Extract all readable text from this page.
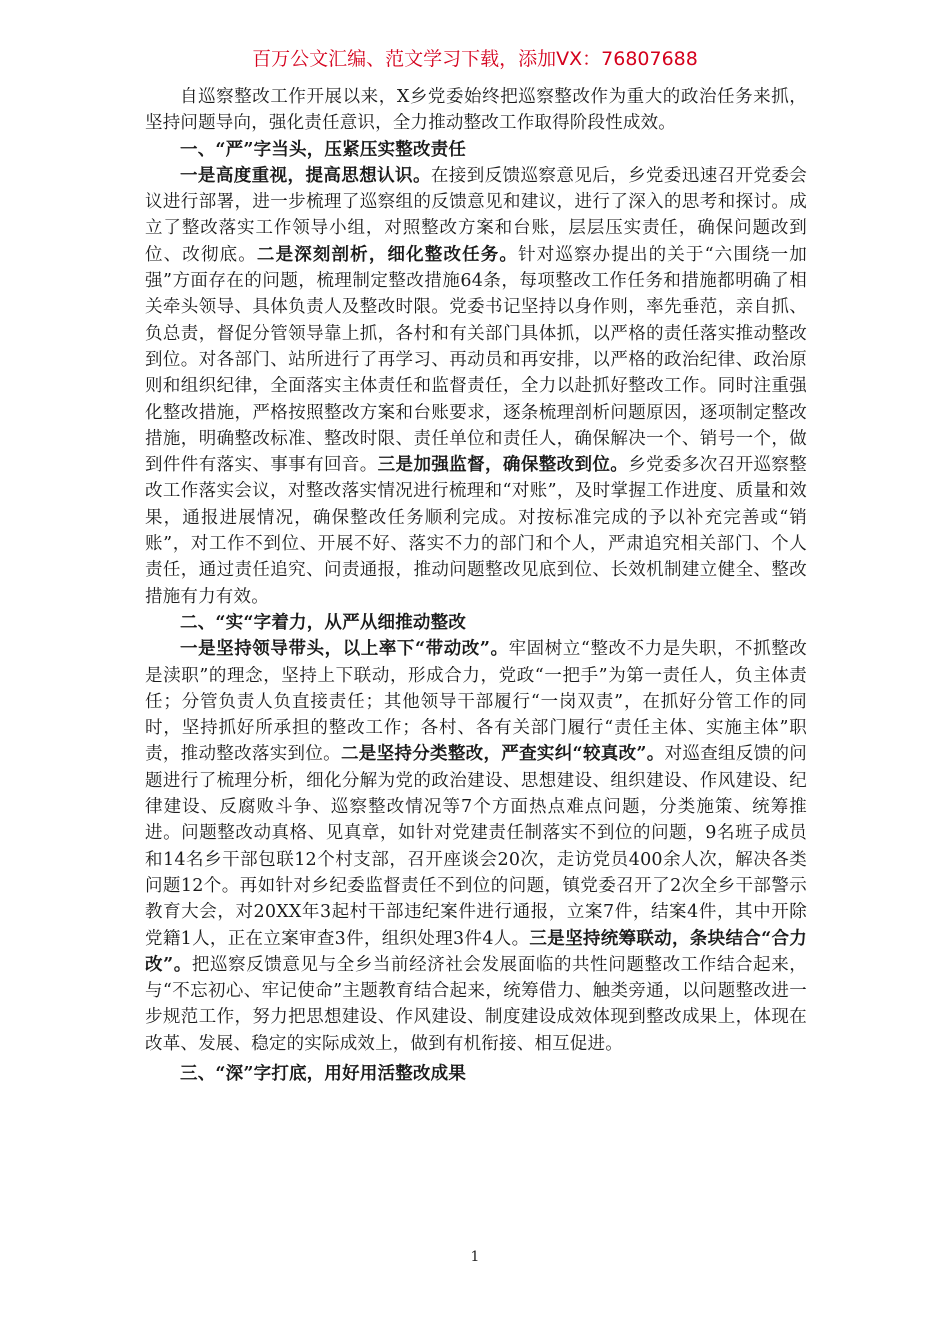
百万公文汇编、范文学习下载，添加VX：76807688

自巡察整改工作开展以来，X乡党委始终把巡察整改作为重大的政治任务来抓，坚持问题导向，强化责任意识，全力推动整改工作取得阶段性成效。

一、“严”字当头，压紧压实整改责任

一是高度重视，提高思想认识。在接到反馈巡察意见后，乡党委迅速召开党委会议进行部署，进一步梳理了巡察组的反馈意见和建议，进行了深入的思考和探讨。成立了整改落实工作领导小组，对照整改方案和台账，层层压实责任，确保问题改到位、改彻底。二是深刻剖析，细化整改任务。针对巡察办提出的关于“六围绕一加强”方面存在的问题，梳理制定整改措施64条，每项整改工作任务和措施都明确了相关牵头领导、具体负责人及整改时限。党委书记坚持以身作则，率先垂范，亲自抓、负总责，督促分管领导靠上抓，各村和有关部门具体抓，以严格的责任落实推动整改到位。对各部门、站所进行了再学习、再动员和再安排，以严格的政治纪律、政治原则和组织纪律，全面落实主体责任和监督责任，全力以赴抓好整改工作。同时注重强化整改措施，严格按照整改方案和台账要求，逐条梳理剖析问题原因，逐项制定整改措施，明确整改标准、整改时限、责任单位和责任人，确保解决一个、销号一个，做到件件有落实、事事有回音。三是加强监督，确保整改到位。乡党委多次召开巡察整改工作落实会议，对整改落实情况进行梳理和“对账”，及时掌握工作进度、质量和效果，通报进展情况，确保整改任务顺利完成。对按标准完成的予以补充完善或“销账”，对工作不到位、开展不好、落实不力的部门和个人，严肃追究相关部门、个人责任，通过责任追究、问责通报，推动问题整改见底到位、长效机制建立健全、整改措施有力有效。

二、“实“字着力，从严从细推动整改

一是坚持领导带头，以上率下“带动改”。牢固树立“整改不力是失职，不抓整改是渎职”的理念，坚持上下联动，形成合力，党政“一把手”为第一责任人，负主体责任；分管负责人负直接责任；其他领导干部履行“一岗双责”，在抓好分管工作的同时，坚持抓好所承担的整改工作；各村、各有关部门履行“责任主体、实施主体”职责，推动整改落实到位。二是坚持分类整改，严查实纠“较真改”。对巡查组反馈的问题进行了梳理分析，细化分解为党的政治建设、思想建设、组织建设、作风建设、纪律建设、反腐败斗争、巡察整改情况等7个方面热点难点问题，分类施策、统筹推进。问题整改动真格、见真章，如针对党建责任制落实不到位的问题，9名班子成员和14名乡干部包联12个村支部，召开座谈会20次，走访党员400余人次，解决各类问题12个。再如针对乡纪委监督责任不到位的问题，镇党委召开了2次全乡干部警示教育大会，对20XX年3起村干部违纪案件进行通报，立案7件，结案4件，其中开除党籍1人，正在立案审查3件，组织处理3件4人。三是坚持统筹联动，条块结合“合力改”。把巡察反馈意见与全乡当前经济社会发展面临的共性问题整改工作结合起来，与“不忘初心、牢记使命”主题教育结合起来，统筹借力、触类旁通，以问题整改进一步规范工作，努力把思想建设、作风建设、制度建设成效体现到整改成果上，体现在改革、发展、稳定的实际成效上，做到有机衔接、相互促进。

三、“深”字打底，用好用活整改成果

1
